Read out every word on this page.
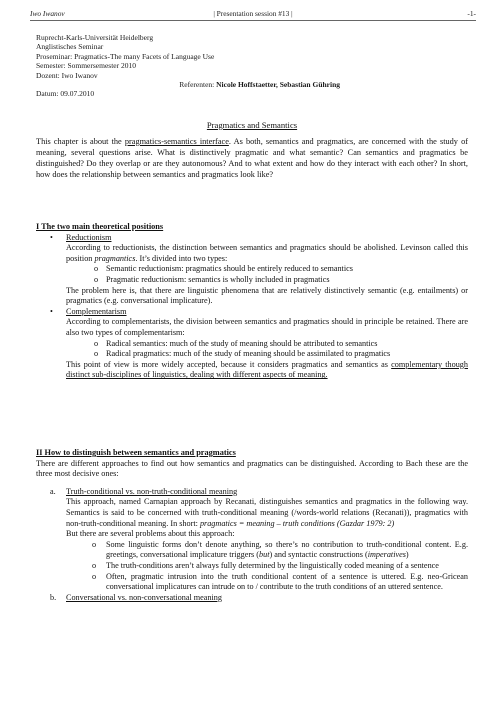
Iwo Iwanov	| Presentation session #13 |	-1-
Ruprecht-Karls-Universität Heidelberg
Anglistisches Seminar
Proseminar: Pragmatics-The many Facets of Language Use
Semester: Sommersemester 2010
Dozent: Iwo Iwanov
Referenten: Nicole Hoffstaetter, Sebastian Gühring
Datum: 09.07.2010
Pragmatics and Semantics
This chapter is about the pragmatics-semantics interface. As both, semantics and pragmatics, are concerned with the study of meaning, several questions arise. What is distinctively pragmatic and what semantic? Can semantics and pragmatics be distinguished? Do they overlap or are they autonomous? And to what extent and how do they interact with each other? In short, how does the relationship between semantics and pragmatics look like?
I The two main theoretical positions
• Reductionism
According to reductionists, the distinction between semantics and pragmatics should be abolished. Levinson called this position pragmantics. It’s divided into two types:
o Semantic reductionism: pragmatics should be entirely reduced to semantics
o Pragmatic reductionism: semantics is wholly included in pragmatics
The problem here is, that there are linguistic phenomena that are relatively distinctively semantic (e.g. entailments) or pragmatics (e.g. conversational implicature).
• Complementarism
According to complementarists, the division between semantics and pragmatics should in principle be retained. There are also two types of complementarism:
o Radical semantics: much of the study of meaning should be attributed to semantics
o Radical pragmatics: much of the study of meaning should be assimilated to pragmatics
This point of view is more widely accepted, because it considers pragmatics and semantics as complementary though distinct sub-disciplines of linguistics, dealing with different aspects of meaning.
II How to distinguish between semantics and pragmatics
There are different approaches to find out how semantics and pragmatics can be distinguished. According to Bach these are the three most decisive ones:
a. Truth-conditional vs. non-truth-conditional meaning
This approach, named Carnapian approach by Recanati, distinguishes semantics and pragmatics in the following way. Semantics is said to be concerned with truth-conditional meaning (/words-world relations (Recanati)), pragmatics with non-truth-conditional meaning. In short: pragmatics = meaning – truth conditions (Gazdar 1979: 2)
But there are several problems about this approach:
o Some linguistic forms don’t denote anything, so there’s no contribution to truth-conditional content. E.g. greetings, conversational implicature triggers (but) and syntactic constructions (imperatives)
o The truth-conditions aren’t always fully determined by the linguistically coded meaning of a sentence
o Often, pragmatic intrusion into the truth conditional content of a sentence is uttered. E.g. neo-Gricean conversational implicatures can intrude on to / contribute to the truth conditions of an uttered sentence.
b. Conversational vs. non-conversational meaning
